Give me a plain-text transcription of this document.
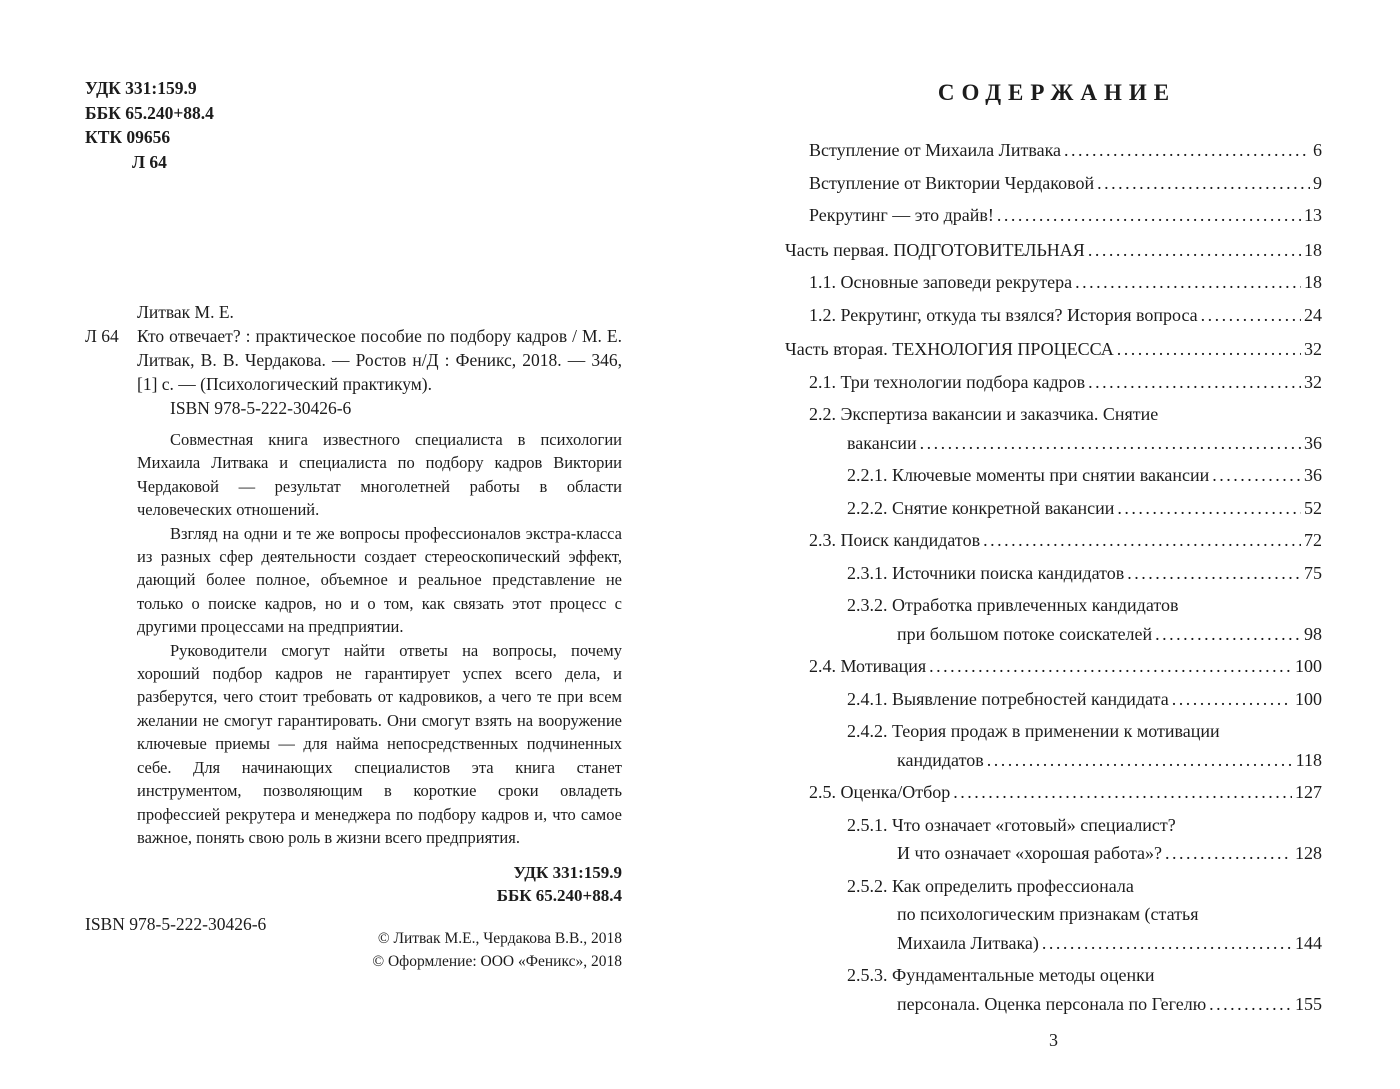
УДК 331:159.9
ББК 65.240+88.4
КТК 09656
Л 64
Литвак М. Е.
Л 64 Кто отвечает? : практическое пособие по подбору кадров / М. Е. Литвак, В. В. Чердакова. — Ростов н/Д : Феникс, 2018. — 346, [1] с. — (Психологический практикум).
ISBN 978-5-222-30426-6

Совместная книга известного специалиста в психологии Михаила Литвака и специалиста по подбору кадров Виктории Чердаковой — результат многолетней работы в области человеческих отношений.

Взгляд на одни и те же вопросы профессионалов экстра-класса из разных сфер деятельности создает стереоскопический эффект, дающий более полное, объемное и реальное представление не только о поиске кадров, но и о том, как связать этот процесс с другими процессами на предприятии.

Руководители смогут найти ответы на вопросы, почему хороший подбор кадров не гарантирует успех всего дела, и разберутся, чего стоит требовать от кадровиков, а чего те при всем желании не смогут гарантировать. Они смогут взять на вооружение ключевые приемы — для найма непосредственных подчиненных себе. Для начинающих специалистов эта книга станет инструментом, позволяющим в короткие сроки овладеть профессией рекрутера и менеджера по подбору кадров и, что самое важное, понять свою роль в жизни всего предприятия.

УДК 331:159.9
ББК 65.240+88.4
ISBN 978-5-222-30426-6
© Литвак М.Е., Чердакова В.В., 2018
© Оформление: ООО «Феникс», 2018
СОДЕРЖАНИЕ
Вступление от Михаила Литвака .....	6
Вступление от Виктории Чердаковой .....	9
Рекрутинг — это драйв! .....	13
Часть первая. ПОДГОТОВИТЕЛЬНАЯ .....	18
1.1. Основные заповеди рекрутера .....	18
1.2. Рекрутинг, откуда ты взялся? История вопроса .....	24
Часть вторая. ТЕХНОЛОГИЯ ПРОЦЕССА .....	32
2.1. Три технологии подбора кадров .....	32
2.2. Экспертиза вакансии и заказчика. Снятие
вакансии .....	36
2.2.1. Ключевые моменты при снятии вакансии .....	36
2.2.2. Снятие конкретной вакансии .....	52
2.3. Поиск кандидатов .....	72
2.3.1. Источники поиска кандидатов .....	75
2.3.2. Отработка привлеченных кандидатов
при большом потоке соискателей .....	98
2.4. Мотивация .....	100
2.4.1. Выявление потребностей кандидата .....	100
2.4.2. Теория продаж в применении к мотивации
кандидатов .....	118
2.5. Оценка/Отбор .....	127
2.5.1. Что означает «готовый» специалист?
И что означает «хорошая работа»? .....	128
2.5.2. Как определить профессионала
по психологическим признакам (статья
Михаила Литвака) .....	144
2.5.3. Фундаментальные методы оценки
персонала. Оценка персонала по Гегелю .....	155
3
